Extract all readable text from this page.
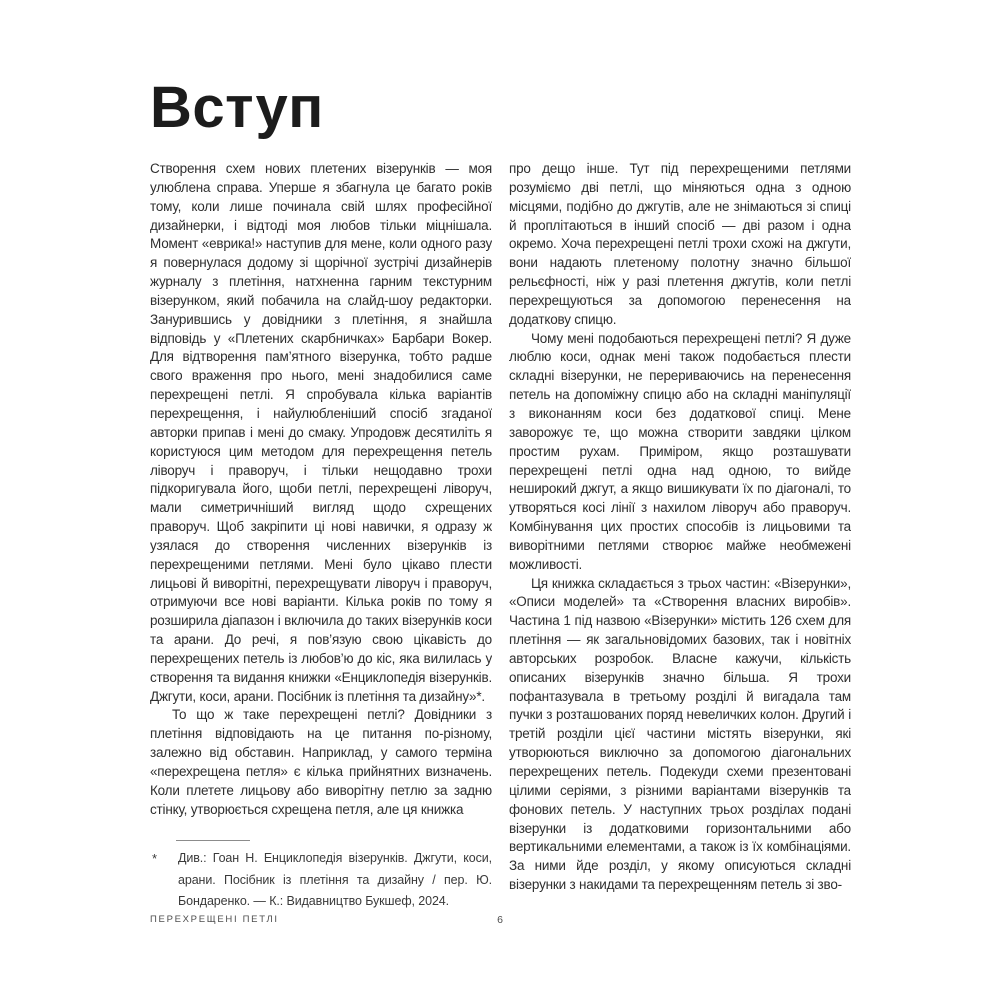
Вступ

Створення схем нових плетених візерунків — моя улюблена справа. Уперше я збагнула це багато років тому, коли лише починала свій шлях професійної дизайнерки, і відтоді моя любов тільки міцнішала. Момент «еврика!» наступив для мене, коли одного разу я повернулася додому зі щорічної зустрічі дизайнерів журналу з плетіння, натхненна гарним текстурним візерунком, який побачила на слайд-шоу редакторки. Занурившись у довідники з плетіння, я знайшла відповідь у «Плетених скарбничках» Барбари Вокер. Для відтворення пам’ятного візерунка, тобто радше свого враження про нього, мені знадобилися саме перехрещені петлі. Я спробувала кілька варіантів перехрещення, і найулюбленіший спосіб згаданої авторки припав і мені до смаку. Упродовж десятиліть я користуюся цим методом для перехрещення петель ліворуч і праворуч, і тільки нещодавно трохи підкоригувала його, щоби петлі, перехрещені ліворуч, мали симетричніший вигляд щодо схрещених праворуч. Щоб закріпити ці нові навички, я одразу ж узялася до створення численних візерунків із перехрещеними петлями. Мені було цікаво плести лицьові й виворітні, перехрещувати ліворуч і праворуч, отримуючи все нові варіанти. Кілька років по тому я розширила діапазон і включила до таких візерунків коси та арани. До речі, я пов’язую свою цікавість до перехрещених петель із любов’ю до кіс, яка вилилась у створення та видання книжки «Енциклопедія візерунків. Джгути, коси, арани. Посібник із плетіння та дизайну»*.

То що ж таке перехрещені петлі? Довідники з плетіння відповідають на це питання по-різному, залежно від обставин. Наприклад, у самого терміна «перехрещена петля» є кілька прийнятних визначень. Коли плетете лицьову або виворітну петлю за задню стінку, утворюється схрещена петля, але ця книжка

про дещо інше. Тут під перехрещеними петлями розуміємо дві петлі, що міняються одна з одною місцями, подібно до джгутів, але не знімаються зі спиці й проплітаються в інший спосіб — дві разом і одна окремо. Хоча перехрещені петлі трохи схожі на джгути, вони надають плетеному полотну значно більшої рельєфності, ніж у разі плетення джгутів, коли петлі перехрещуються за допомогою перенесення на додаткову спицю.

Чому мені подобаються перехрещені петлі? Я дуже люблю коси, однак мені також подобається плести складні візерунки, не перериваючись на перенесення петель на допоміжну спицю або на складні маніпуляції з виконанням коси без додаткової спиці. Мене заворожує те, що можна створити завдяки цілком простим рухам. Приміром, якщо розташувати перехрещені петлі одна над одною, то вийде неширокий джгут, а якщо вишикувати їх по діагоналі, то утворяться косі лінії з нахилом ліворуч або праворуч. Комбінування цих простих способів із лицьовими та виворітними петлями створює майже необмежені можливості.

Ця книжка складається з трьох частин: «Візерунки», «Описи моделей» та «Створення власних виробів». Частина 1 під назвою «Візерунки» містить 126 схем для плетіння — як загальновідомих базових, так і новітніх авторських розробок. Власне кажучи, кількість описаних візерунків значно більша. Я трохи пофантазувала в третьому розділі й вигадала там пучки з розташованих поряд невеличких колон. Другий і третій розділи цієї частини містять візерунки, які утворюються виключно за допомогою діагональних перехрещених петель. Подекуди схеми презентовані цілими серіями, з різними варіантами візерунків та фонових петель. У наступних трьох розділах подані візерунки із додатковими горизонтальними або вертикальними елементами, а також із їх комбінаціями. За ними йде розділ, у якому описуються складні візерунки з накидами та перехрещенням петель зі зво-

*	Див.: Гоан Н. Енциклопедія візерунків. Джгути, коси, арани. Посібник із плетіння та дизайну / пер. Ю. Бондаренко. — К.: Видавництво Букшеф, 2024.

ПЕРЕХРЕЩЕНІ ПЕТЛІ	6
